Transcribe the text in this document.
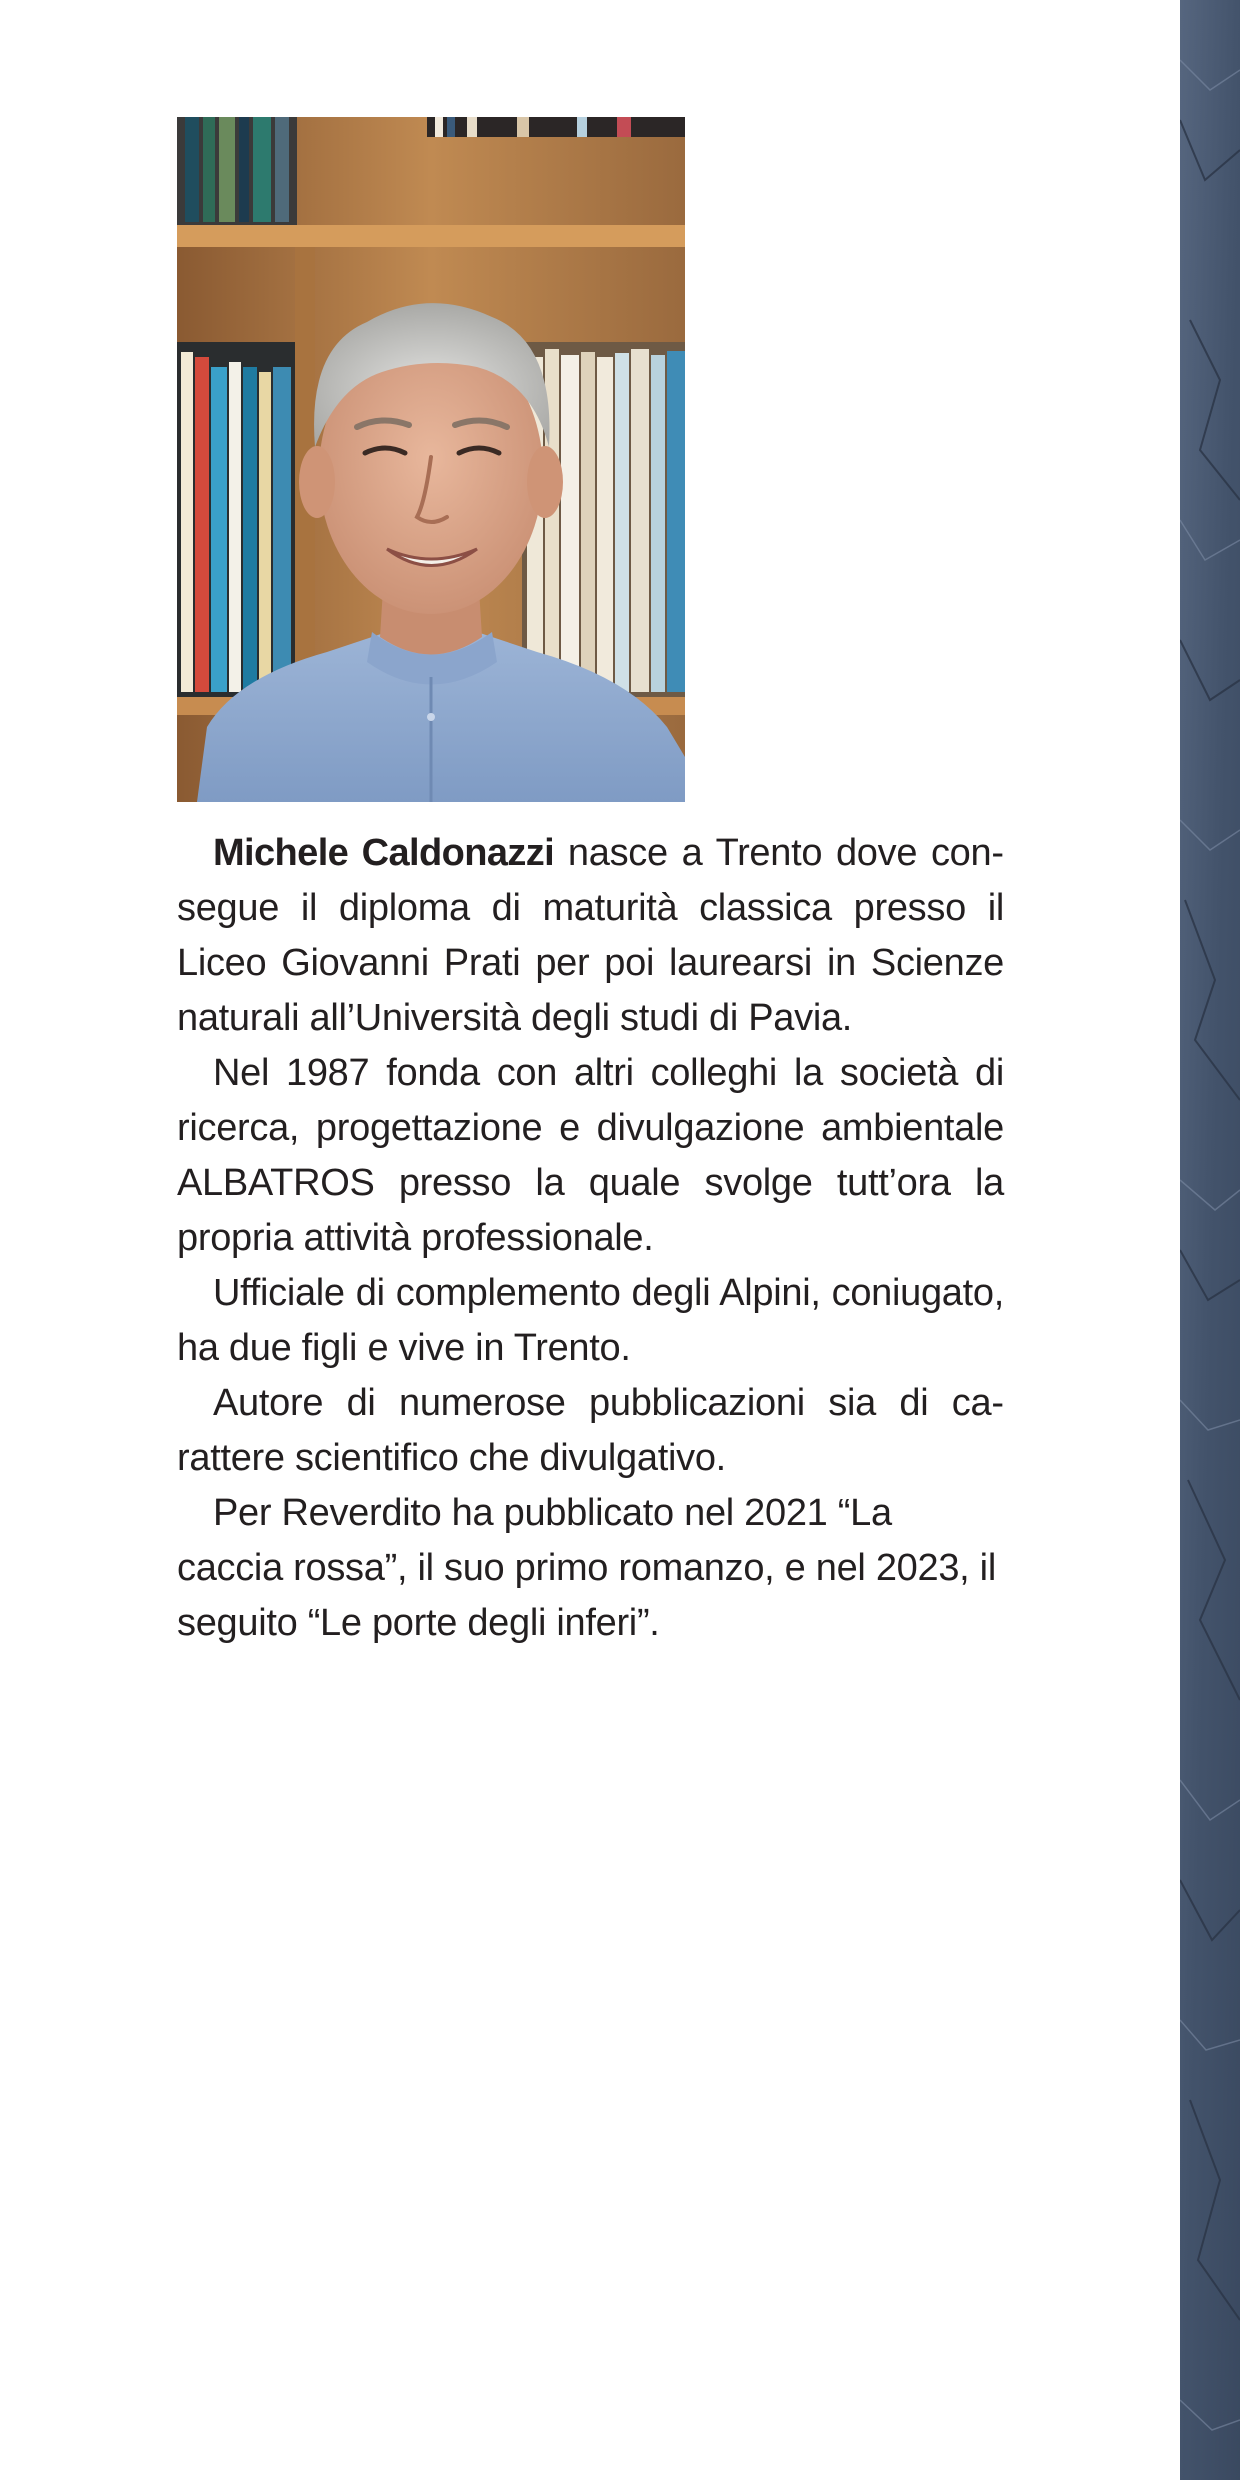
Michele Caldonazzi nasce a Trento dove consegue il diploma di maturità classica presso il Liceo Giovanni Prati per poi laurearsi in Scienze naturali all’Università degli studi di Pavia.

Nel 1987 fonda con altri colleghi la società di ricerca, progettazione e divulgazione ambientale ALBATROS presso la quale svolge tutt’ora la propria attività professionale.

Ufficiale di complemento degli Alpini, coniugato, ha due figli e vive in Trento.

Autore di numerose pubblicazioni sia di carattere scientifico che divulgativo.

Per Reverdito ha pubblicato nel 2021 “La caccia rossa”, il suo primo romanzo, e nel 2023, il seguito “Le porte degli inferi”.
